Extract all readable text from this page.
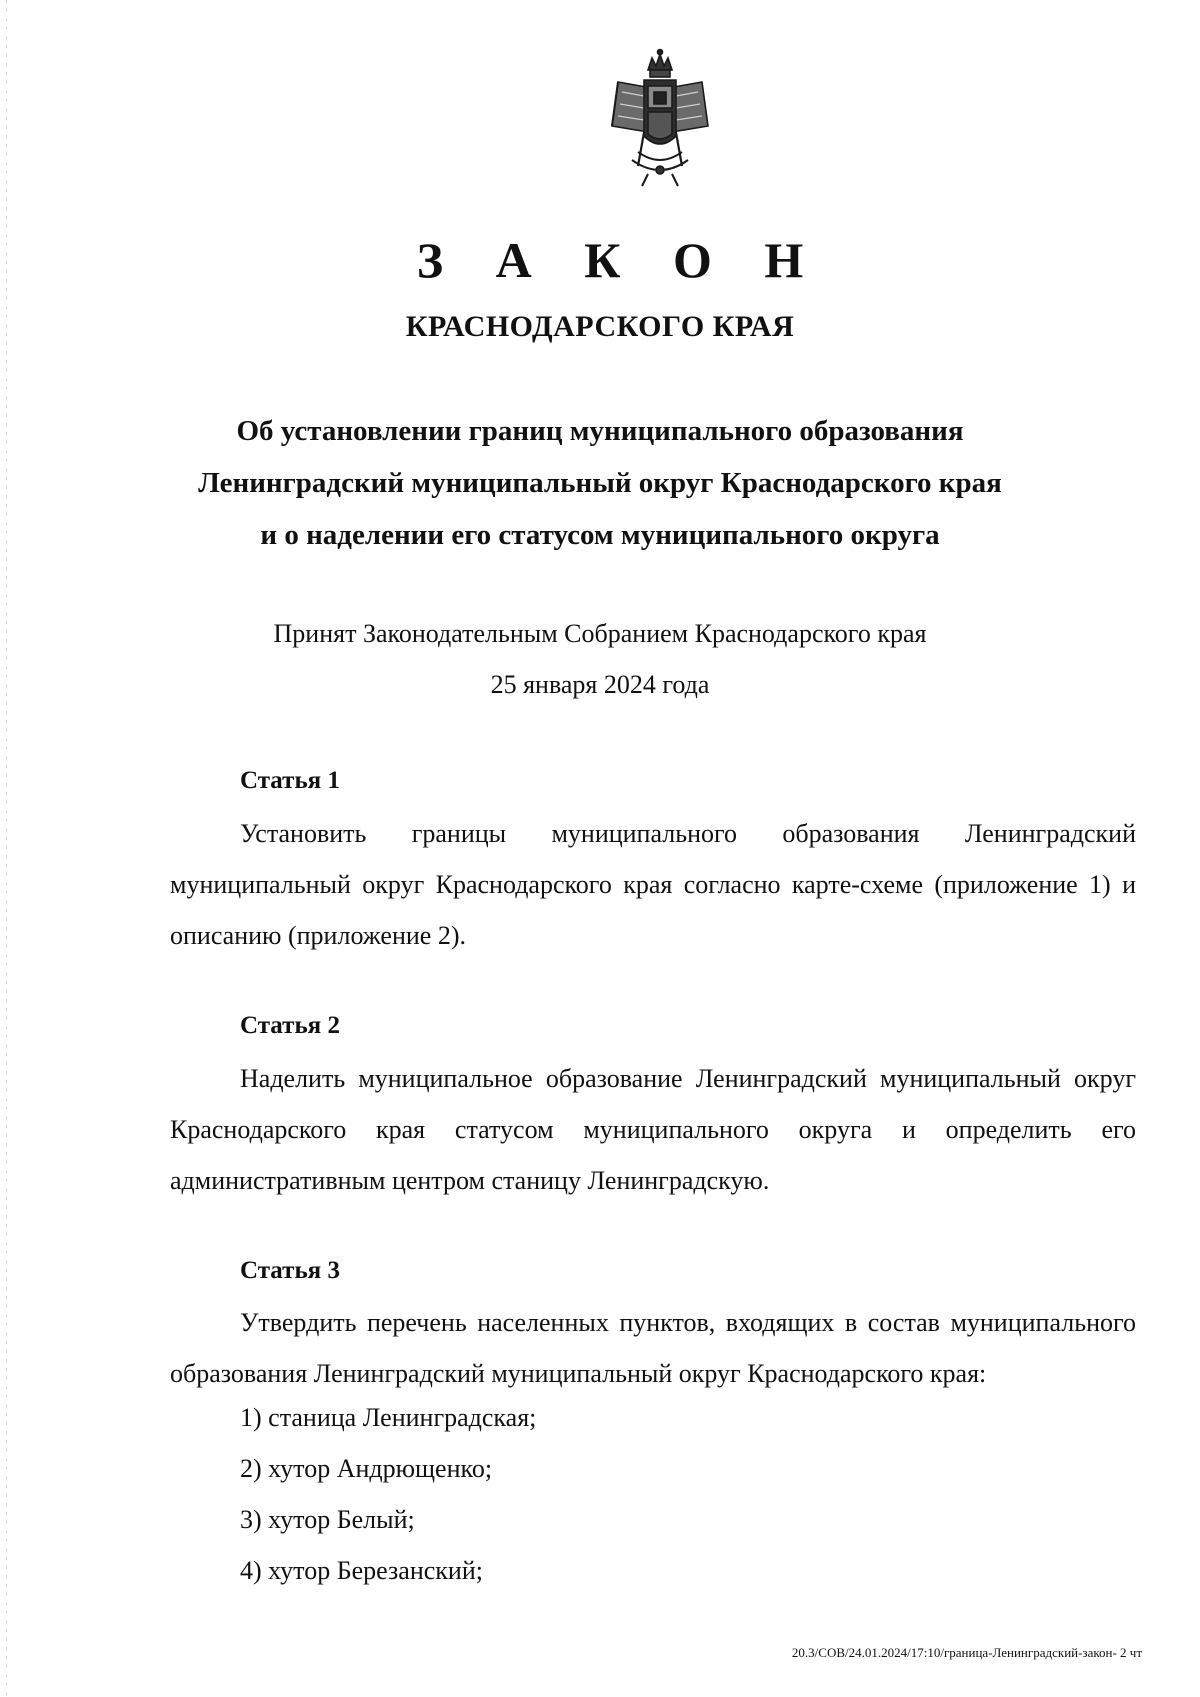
З А К О Н
КРАСНОДАРСКОГО КРАЯ
Об установлении границ муниципального образования
Ленинградский муниципальный округ Краснодарского края
и о наделении его статусом муниципального округа
Принят Законодательным Собранием Краснодарского края
25 января 2024 года
Статья 1

Установить границы муниципального образования Ленинградский муниципальный округ Краснодарского края согласно карте-схеме (приложение 1) и описанию (приложение 2).

Статья 2

Наделить муниципальное образование Ленинградский муниципальный округ Краснодарского края статусом муниципального округа и определить его административным центром станицу Ленинградскую.

Статья 3

Утвердить перечень населенных пунктов, входящих в состав муниципального образования Ленинградский муниципальный округ Краснодарского края:

1) станица Ленинградская;
2) хутор Андрющенко;
3) хутор Белый;
4) хутор Березанский;
20.3/СОВ/24.01.2024/17:10/граница-Ленинградский-закон- 2 чт
